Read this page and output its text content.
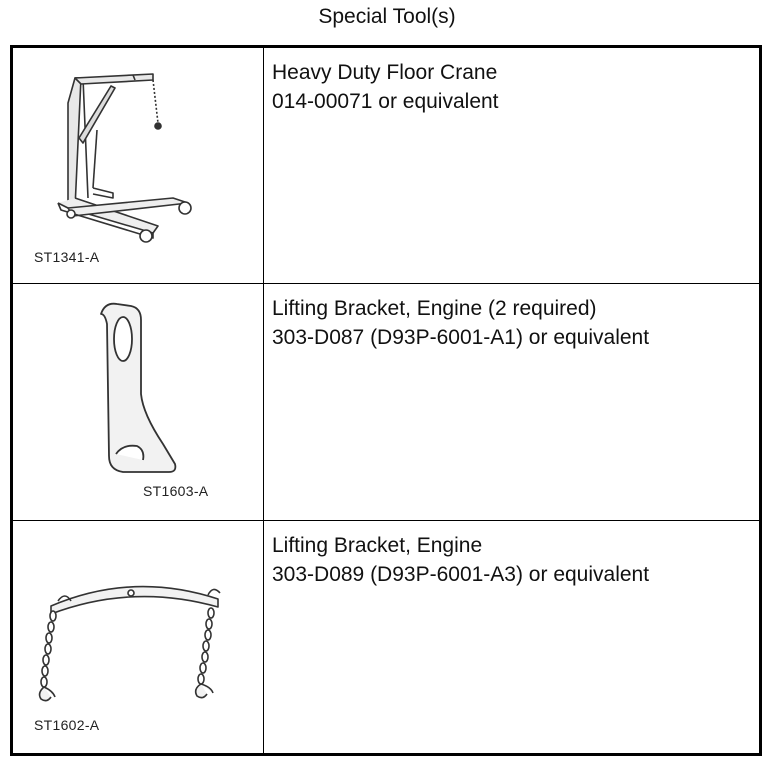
Special Tool(s)
ST1341-A
Heavy Duty Floor Crane
014-00071 or equivalent
ST1603-A
Lifting Bracket, Engine (2 required)
303-D087 (D93P-6001-A1) or equivalent
ST1602-A
Lifting Bracket, Engine
303-D089 (D93P-6001-A3) or equivalent
